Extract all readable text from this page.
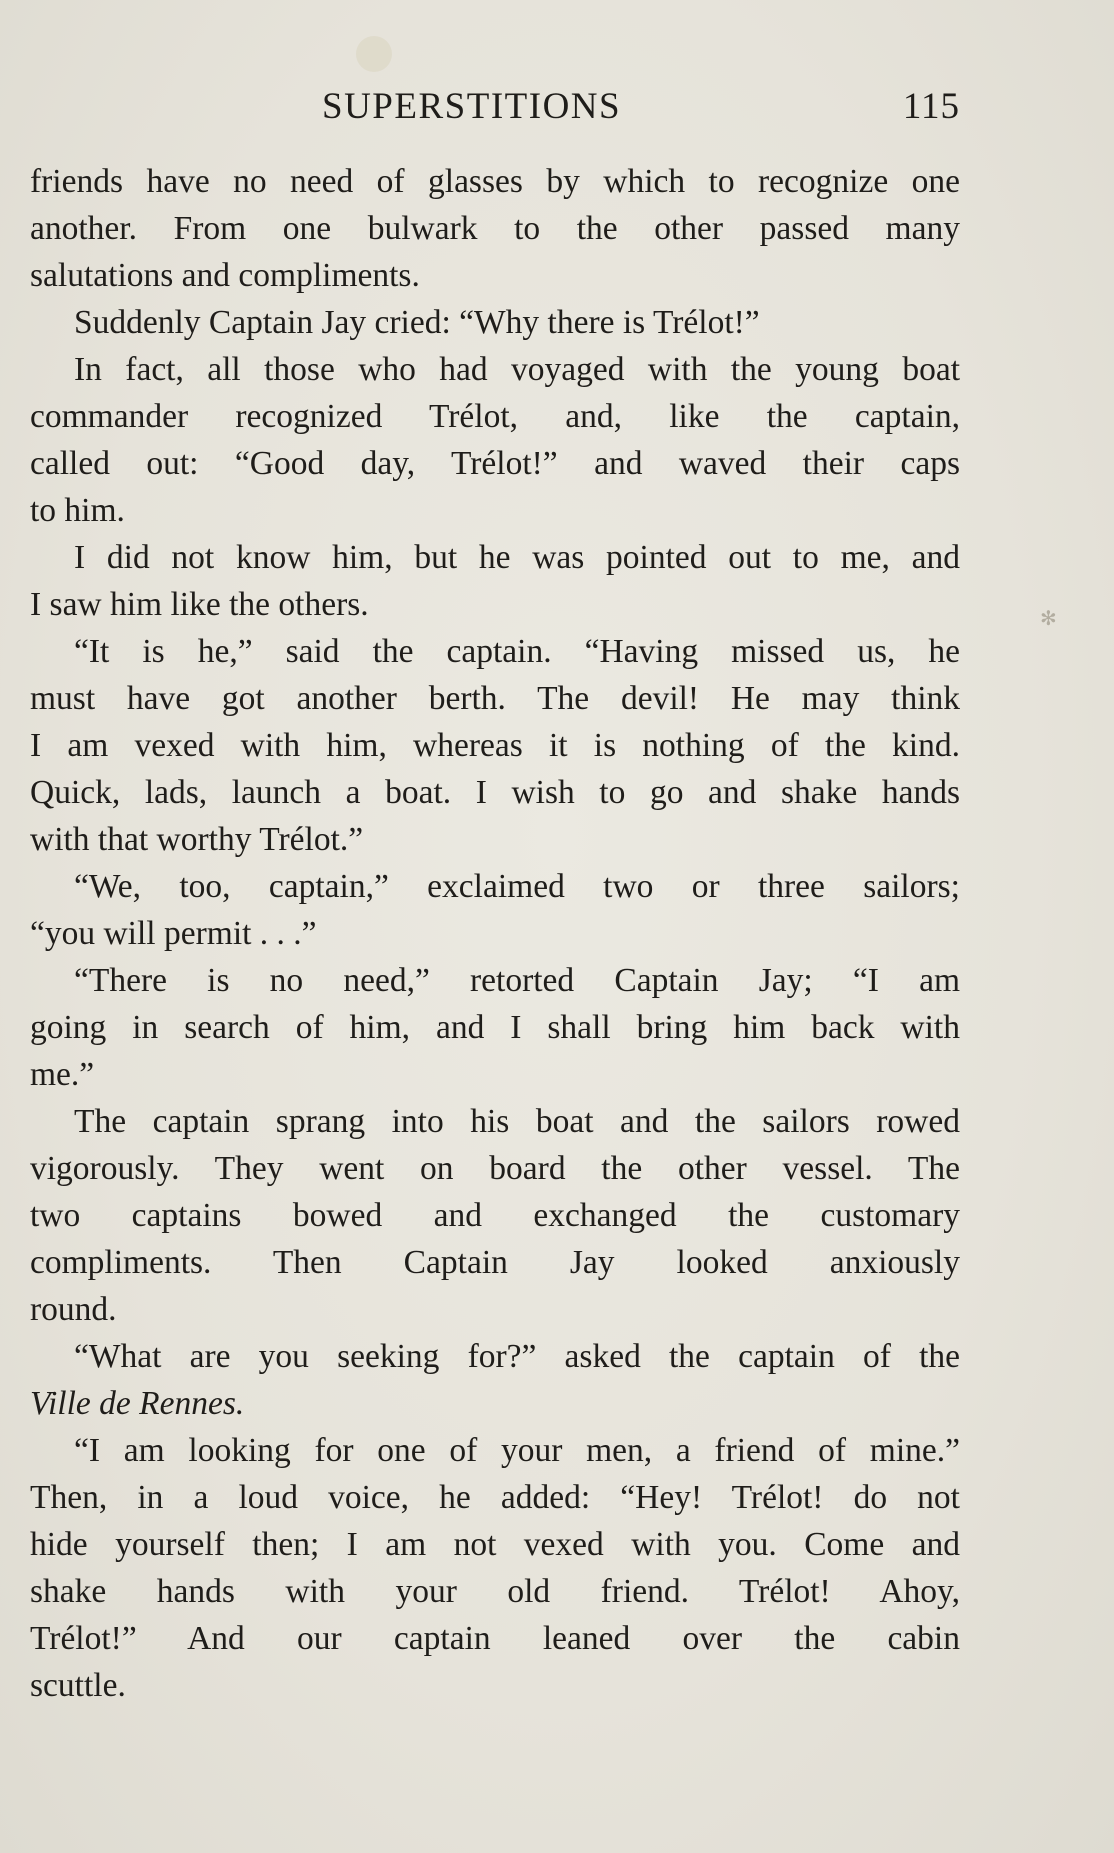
SUPERSTITIONS	115
friends have no need of glasses by which to recognize one
another. From one bulwark to the other passed many
salutations and compliments.
Suddenly Captain Jay cried: “Why there is Trélot!”
In fact, all those who had voyaged with the young boat
commander recognized Trélot, and, like the captain,
called out: “Good day, Trélot!” and waved their caps
to him.
I did not know him, but he was pointed out to me, and
I saw him like the others.
“It is he,” said the captain. “Having missed us, he
must have got another berth. The devil! He may think
I am vexed with him, whereas it is nothing of the kind.
Quick, lads, launch a boat. I wish to go and shake hands
with that worthy Trélot.”
“We, too, captain,” exclaimed two or three sailors;
“you will permit . . .”
“There is no need,” retorted Captain Jay; “I am
going in search of him, and I shall bring him back with
me.”
The captain sprang into his boat and the sailors rowed
vigorously. They went on board the other vessel. The
two captains bowed and exchanged the customary
compliments. Then Captain Jay looked anxiously
round.
“What are you seeking for?” asked the captain of the
Ville de Rennes.
“I am looking for one of your men, a friend of mine.”
Then, in a loud voice, he added: “Hey! Trélot! do not
hide yourself then; I am not vexed with you. Come and
shake hands with your old friend. Trélot! Ahoy,
Trélot!” And our captain leaned over the cabin
scuttle.
✻
